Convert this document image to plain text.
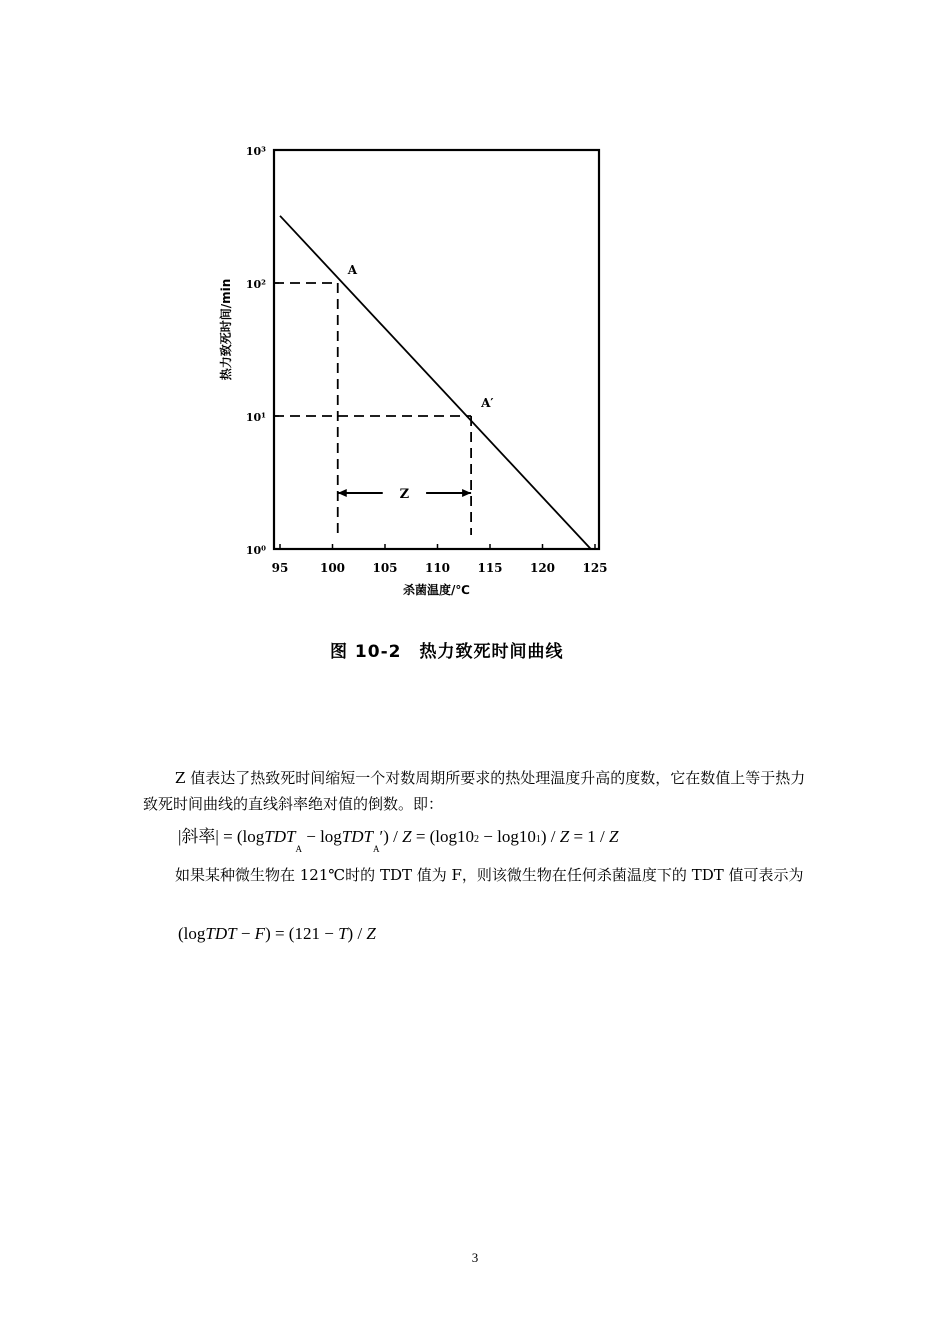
95	100 105 110 115 120 125
10⁰
10¹
10²
10³
杀菌温度/℃
热力致死时间/min
A
A′
Z
图 10-2 热力致死时间曲线
Z 值表达了热致死时间缩短一个对数周期所要求的热处理温度升高的度数，它在数值上等于热力致死时间曲线的直线斜率绝对值的倒数。即：
|斜率| = (logTDT$_A$ − logTDT$_A$′) / Z = (log102 − log101) / Z = 1 / Z
如果某种微生物在 121℃时的 TDT 值为 F，则该微生物在任何杀菌温度下的 TDT 值可表示为
(logTDT − F) = (121 − T) / Z
3
